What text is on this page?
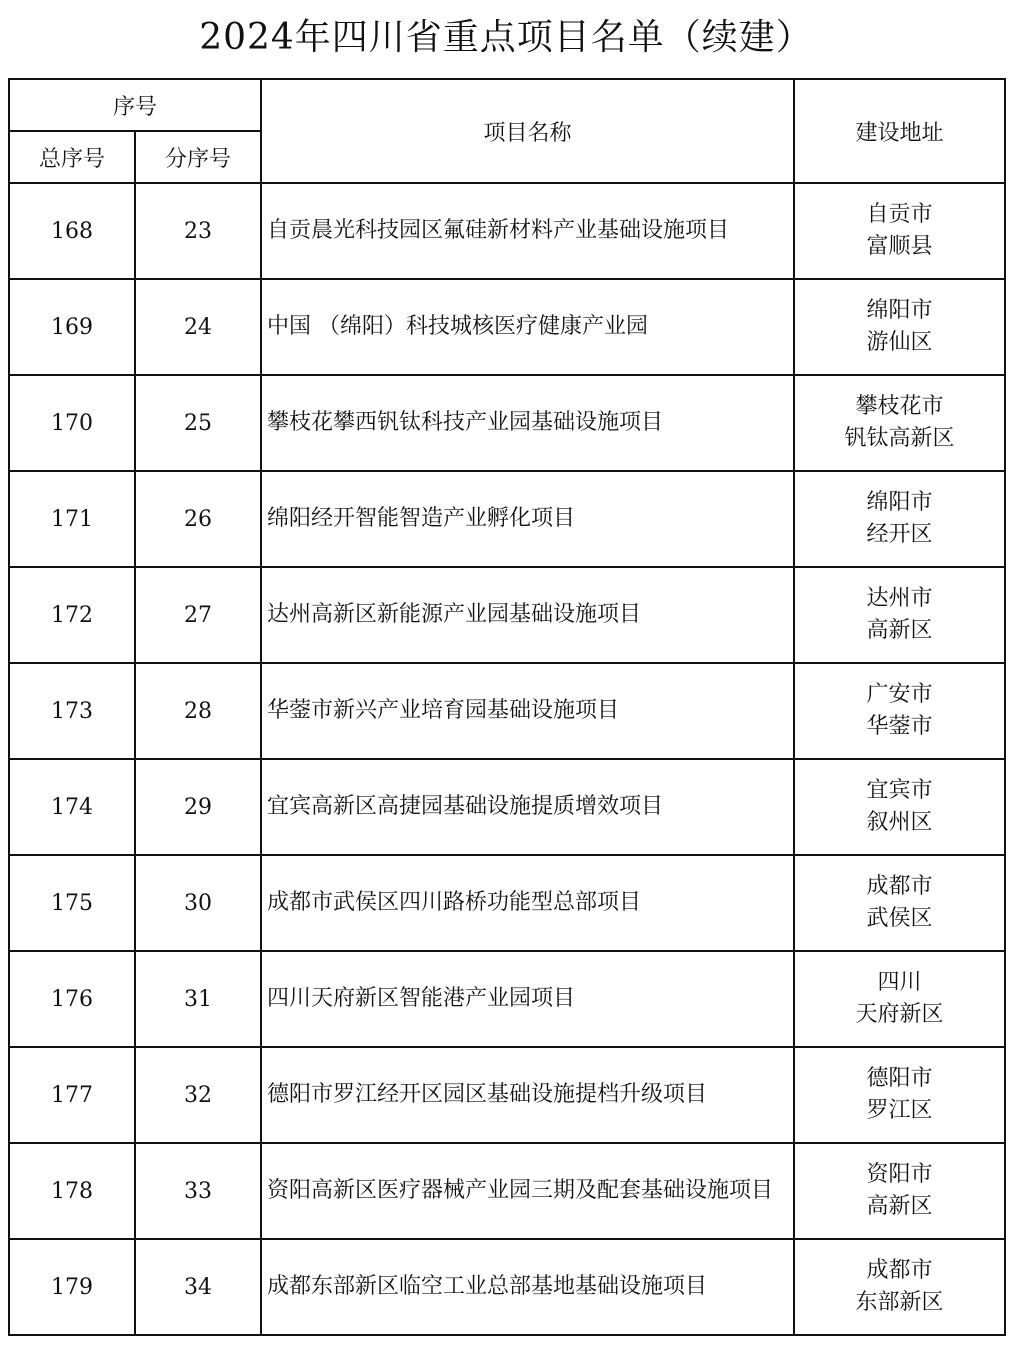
2024年四川省重点项目名单（续建）
序号		项目名称	建设地址
总序号	分序号		
168	23	自贡晨光科技园区氟硅新材料产业基础设施项目	自贡市
富顺县

169	24	中国 （绵阳）科技城核医疗健康产业园	绵阳市
游仙区

170	25	攀枝花攀西钒钛科技产业园基础设施项目	攀枝花市
钒钛高新区

171	26	绵阳经开智能智造产业孵化项目	绵阳市
经开区

172	27	达州高新区新能源产业园基础设施项目	达州市
高新区

173	28	华蓥市新兴产业培育园基础设施项目	广安市
华蓥市

174	29	宜宾高新区高捷园基础设施提质增效项目	宜宾市
叙州区

175	30	成都市武侯区四川路桥功能型总部项目	成都市
武侯区

176	31	四川天府新区智能港产业园项目	四川
天府新区

177	32	德阳市罗江经开区园区基础设施提档升级项目	德阳市
罗江区

178	33	资阳高新区医疗器械产业园三期及配套基础设施项目	资阳市
高新区

179	34	成都东部新区临空工业总部基地基础设施项目	成都市
东部新区
